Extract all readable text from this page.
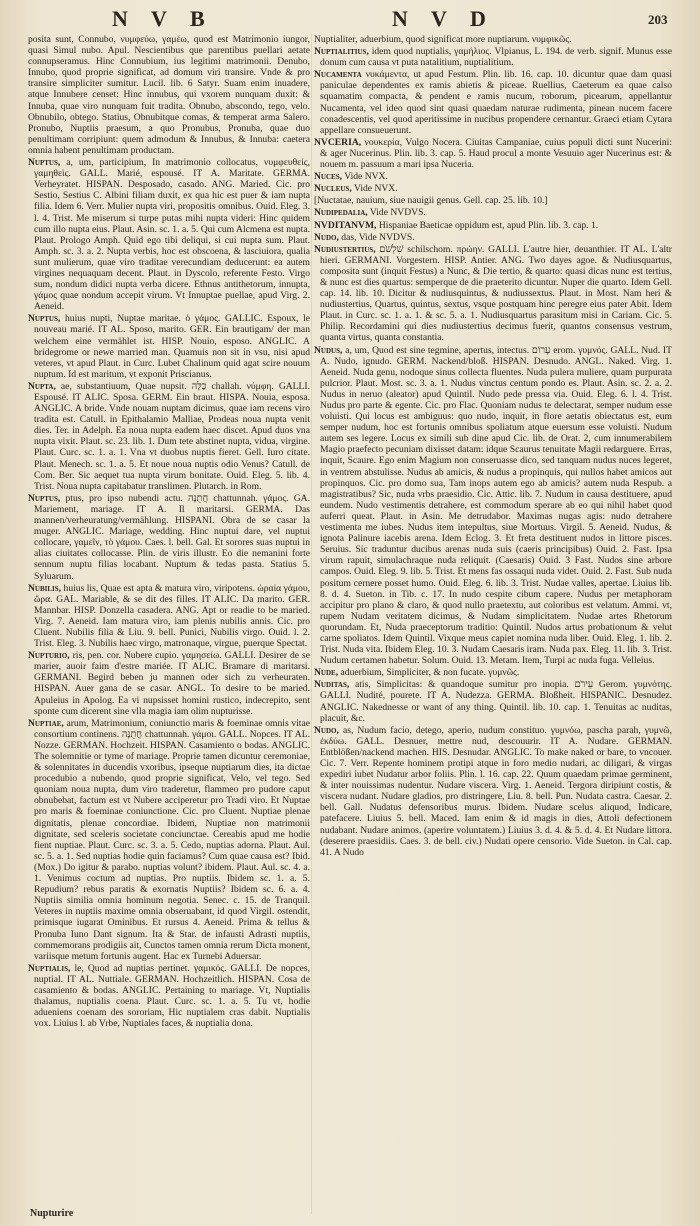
N V B	N V D	203

posita sunt, Connubo, νυμφεύω, γαμέω, quod est Matrimonio iungor, quasi Simul nubo. Apul. Nescientibus que parentibus puellari aetate connupseramus. Hinc Connubium, ius legitimi matrimonii. Denubo, Innubo, quod proprie significat, ad domum viri transire. Vnde & pro transire simpliciter sumitur. Lucil. lib. 6 Satyr. Suam enim inuadere, atque Innubere censet: Hinc innubus, qui vxorem nunquam duxit: & Innuba, quae viro nunquam fuit tradita. Obnubo, abscondo, tego, velo. Obnubilo, obtego. Statius, Obnubitque comas, & temperat arma Salero. Pronubo, Nuptiis praesum, a quo Pronubus, Pronuba, quae duo penultimam corripiunt: quem admodum & Innubus, & Innuba: caetera omnia habent penultimam productam.

Nuptus, a, um, participium, In matrimonio collocatus, νυμφευθείς, γαμηθεὶς. GALL. Marié, espousé. IT A. Maritate. GERMA. Verheyratet. HISPAN. Desposado, casado. ANG. Maried. Cic. pro Sestio, Sestius C. Albini filiam duxit, ex qua hic est puer & iam nupta filia. Idem 6. Verr. Mulier nupta viri, propositis omnibus. Ouid. Eleg. 3. l. 4. Trist. Me miserum si turpe putas mihi nupta videri: Hinc quidem cum illo nupta eius. Plaut. Asin. sc. 1. a. 5. Qui cum Alcmena est nupta. Plaut. Prologo Amph. Quid ego tibi deliqui, si cui nupta sum. Plaut. Amph. sc. 3. a. 2. Nupta verbis, hoc est obscoena, & lasciuiora, qualia sunt mulierum, quae viro traditae verecundiam deducerunt: ea autem virgines nequaquam decent. Plaut. in Dyscolo, referente Festo. Virgo sum, nondum didici nupta verba dicere. Ethnus antithetorum, innupta, γάμος quae nondum accepit virum. Vt Innuptae puellae, apud Virg. 2. Aeneid.

Nuptus, huius nupti, Nuptae maritae. ὁ γάμος. GALLIC. Espoux, le nouveau marié. IT AL. Sposo, marito. GER. Ein brautigam/ der man welchem eine vermählet ist. HISP. Nouio, esposo. ANGLIC. A bridegrome or newe married man. Quamuis non sit in vsu, nisi apud veteres, vt apud Plaut. in Curc. Lubet Chalinum quid agat scire nouum nuptum. Id est maritum, vt exponit Priscianus.

Nupta, ae, substantiuum, Quae nupsit. כַּלָּה challah. νύμφη. GALLI. Espousé. IT ALIC. Sposa. GERM. Ein braut. HISPA. Nouia, esposa. ANGLIC. A bride. Vnde nouam nuptam dicimus, quae iam recens viro tradita est. Catull. in Epithalamio Malliae, Prodeas noua nupta venit dies. Ter. in Adelph. Ea noua nupta eadem haec discet. Apud duos vna nupta vixit. Plaut. sc. 23. lib. 1. Dum tete abstinet nupta, vidua, virgine. Plaut. Curc. sc. 1. a. 1. Vna vt duobus nuptis fieret. Gell. Iuro citate. Plaut. Menech. sc. 1. a. 5. Et noue noua nuptis odio Venus? Catull. de Com. Ber. Sic aequet tua nupta virum bonitate. Ouid. Eleg. 5. lib. 4. Trist. Noua nupta capitabatur translimen. Plutarch. in Rom.

Nuptus, ptus, pro ipso nubendi actu. חֲתֻנָּה chattunnah. γάμος. GA. Mariement, mariage. IT A. Il maritarsi. GERMA. Das mannen/verheuratung/vermählung. HISPANI. Obra de se casar la muger. ANGLIC. Mariage, wedding. Hinc nuptui dare, vel nuptui collocare, γαμεῖν, τὸ γάμου. Caes. l. bell. Gal. Et sorores suas nuptui in alias ciuitates collocasse. Plin. de viris illustr. Eo die nemanini forte sennum nuptu filias locabant. Nuptum & tedas pasta. Statius 5. Syluarum.

Nubilis, huius lis, Quae est apta & matura viro, viripotens. ὡραία γάμου, ὥρα. GAL. Mariable, & se dit des filles. IT ALIC. Da marito. GER. Mannbar. HISP. Donzella casadera. ANG. Apt or readie to be maried. Virg. 7. Aeneid. Iam matura viro, iam plenis nubilis annis. Cic. pro Cluent. Nubilis filia & Liu. 9. bell. Punici, Nubilis virgo. Ouid. l. 2. Trist. Eleg. 3. Nubilis haec virgo, matronaque, virgue, puerque Spectat.

Nupturio, ris, pen. cor. Nubere cupio. γαμησείω. GALLI. Desirer de se marier, auoir faim d'estre mariée. IT ALIC. Bramare di maritarsi. GERMANI. Begird beben ju mannen oder sich zu verheuraten. HISPAN. Auer gana de se casar. ANGL. To desire to be maried. Apuleius in Apolog. Ea vi nupsisset homini rustico, indecrepito, sent sponte cum dicerent sine vlla magia iam olim nupturisse.

Nuptiae, arum, Matrimonium, coniunctio maris & foeminae omnis vitae consortium continens. חֲתֻנָּה chattunnah. γάμοι. GALL. Nopces. IT AL. Nozze. GERMAN. Hochzeit. HISPAN. Casamiento o bodas. ANGLIC. The solemnitie or tyme of mariage. Proprie tamen dicuntur ceremoniae, & solennitates in ducendis vxoribus, ipseque nuptiarum dies, ita dictae procedubio a nubendo, quod proprie significat, Velo, vel tego. Sed quoniam noua nupta, dum viro traderetur, flammeo pro pudore caput obnubebat, factum est vt Nubere acciperetur pro Tradi viro. Et Nuptae pro maris & foeminae coniunctione. Cic. pro Cluent. Nuptiae plenae dignitatis, plenae concordiae. Ibidem, Nuptiae non matrimonii dignitate, sed sceleris societate conciunctae. Cereabis apud me hodie fient nuptiae. Plaut. Curc. sc. 3. a. 5. Cedo, nuptias adorna. Plaut. Aul. sc. 5. a. 1. Sed nuptias hodie quin faciamus? Cum quae causa est? Ibid. (Mox.) Do igitur & parabo. nuptias volunt? ibidem. Plaut. Aul. sc. 4. a. 1. Venimus coctum ad nuptias. Pro nuptiis. Ibidem sc. 1. a. 5. Repudium? rebus paratis & exornatis Nuptiis? Ibidem sc. 6. a. 4. Nuptiis similia omnia hominum negotia. Senec. c. 15. de Tranquil. Veteres in nuptiis maxime omnia obseruabant, id quod Virgil. ostendit, primisque iugarat Ominibus. Et rursus 4. Aeneid. Prima & tellus & Pronuba Iuno Dant signum. Ita & Star. de infausti Adrasti nuptiis, commemorans prodigiis ait, Cunctos tamen omnia rerum Dicta monent, variisque metum fortunis augent. Hac ex Turnebi Aduersar.

Nuptialis, le, Quod ad nuptias pertinet. γαμικός. GALLI. De nopces, nuptial. IT AL. Nuttiale. GERMAN. Hochzeitlich. HISPAN. Cosa de casamiento & bodas. ANGLIC. Pertaining to mariage. Vt, Nuptialis thalamus, nuptialis coena. Plaut. Curc. sc. 1. a. 5. Tu vt, hodie adueniens coenam des sororiam, Hic nuptialem cras dabit. Nuptialis vox. Liuius l. ab Vrbe, Nuptiales faces, & nuptialia dona.

Nuptialiter, aduerbium, quod significat more nuptiarum. νυμφικῶς.

Nuptialitius, idem quod nuptialis, γαμήλιος. Vlpianus, L. 194. de verb. signif. Munus esse donum cum causa vt puta natalitium, nuptialitium.

Nucamenta νυκάμεντα, ut apud Festum. Plin. lib. 16. cap. 10. dicuntur quae dam quasi paniculae dependentes ex ramis abietis & piceae. Ruellius, Caeterum ea quae calso squamatim compacta, & pendent e ramis nucum, roborum, picearum, appellantur Nucamenta, vel ideo quod sint quasi quaedam naturae rudimenta, pinean nucem facere conadescentis, vel quod aperitissime in nucibus propendere cernantur. Graeci etiam Cytara appellare consueuerunt.

NVCERIA, νουκερία, Vulgo Nocera. Ciuitas Campaniae, cuius populi dicti sunt Nucerini: & ager Nucerinus. Plin. lib. 3. cap. 5. Haud procul a monte Vesuuio ager Nucerinus est: & nouem m. passuum a mari ipsa Nuceria.

Nuces, Vide NVX.

Nucleus, Vide NVX.

[Nuctatae, nauium, siue nauigii genus. Gell. cap. 25. lib. 10.]

Nudipedalia, Vide NVDVS.

NVDITANVM, Hispaniae Baeticae oppidum est, apud Plin. lib. 3. cap. 1.

Nudo, das, Vide NVDVS.

Nudiustertius, שִׁלְשֹׁם schilschom. πρώην. GALLI. L'autre hier, deuanthier. IT AL. L'altr hieri. GERMANI. Vorgestern. HISP. Antier. ANG. Two dayes agoe. & Nudiusquartus, composita sunt (inquit Festus) a Nunc, & Die tertio, & quarto: quasi dicas nunc est tertius, & nunc est dies quartus: semperque de die praeterito dicuntur. Nuper die quarto. Idem Gell. cap. 14. lib. 10. Dicitur & nudiusquintus, & nudiussextus. Plaut. in Most. Nam heri & nudiustertius, Quartus, quintus, sextus, vsque postquam hinc peregre eius pater Abit. Idem Plaut. in Curc. sc. 1. a. 1. & sc. 5. a. 1. Nudiusquartus parasitum misi in Cariam. Cic. 5. Philip. Recordamini qui dies nudiustertius decimus fuerit, quantos consensus vestrum, quanta virtus, quanta constantia.

Nudus, a, um, Quod est sine tegmine, apertus, intectus. עָרוֹם erom. γυμνός. GALL. Nud. IT A. Nudo, ignudo. GERM. Nackend/bloß. HISPAN. Desnudo. ANGL. Naked. Virg. 1. Aeneid. Nuda genu, nodoque sinus collecta fluentes. Nuda pulera muliere, quam purpurata pulcrior. Plaut. Most. sc. 3. a. 1. Nudus vinctus centum pondo es. Plaut. Asin. sc. 2. a. 2. Nudus in neruo (aleator) apud Quintil. Nudo pede pressa via. Ouid. Eleg. 6. l. 4. Trist. Nudus pro parte & egente. Cic. pro Flac. Quoniam nudus te delectarat, semper nudum esse voluisti. Qui locus est ambiguus: quo nudo, inquit, in flore aetatis obiectatus est, eum semper nudum, hoc est fortunis omnibus spoliatum atque euersum esse voluisti. Nudum autem ses legere. Locus ex simili sub dine apud Cic. lib. de Orat. 2, cum innumerabilem Magio praefecto pecuniam dixisset datam: idque Scaurus tenuitate Magii redarguere. Erras, inquit, Scaure. Ego enim Magium non conseruasse dico, sed tanquam nudus nuces legeret, in ventrem abstulisse. Nudus ab amicis, & nudus a propinquis, qui nullos habet amicos aut propinquos. Cic. pro domo sua, Tam inops autem ego ab amicis? autem nuda Respub. a magistratibus? Sic, nuda vrbs praesidio. Cic. Attic. lib. 7. Nudum in causa destituere, apud eundem. Nudo vestimentis detrahere, est commodum sperare ab eo qui nihil habet quod auferri queat. Plaut. in Asin. Me detrudabor. Maximas nugas agis: nudo detrahere vestimenta me iubes. Nudus item intepultus, siue Mortuus. Virgil. 5. Aeneid. Nudus, & ignota Palinure iacebis arena. Idem Eclog. 3. Et freta destituent nudos in littore pisces. Seruius. Sic traduntur ducibus arenas nuda suis (caeris principibus) Ouid. 2. Fast. Ipsa virum rapuit, simulachraque nuda reliquit. (Caesaris) Ouid. 3 Fast. Nudos sine arbore campos. Ouid. Eleg. 9. lib. 5. Trist. Et mens fas ossaqui nuda videt. Ouid. 2. Fast. Sub nuda positum cernere posset humo. Ouid. Eleg. 6. lib. 3. Trist. Nudae valles, apertae. Liuius lib. 8. d. 4. Sueton. in Tib. c. 17. In nudo cespite cibum capere. Nudus per metaphoram accipitur pro plano & claro, & quod nullo praetextu, aut coloribus est velatum. Ammi. vt, rupem Nudam veritatem dicimus, & Nudam simplicitatem. Nudae artes Rhetorum quorundam. Et, Nuda praeceptorum traditio: Quintil. Nudos artus probationum & velut carne spoliatos. Idem Quintil. Vixque meus capiet nomina nuda liber. Ouid. Eleg. 1. lib. 2. Trist. Nuda vita. Ibidem Eleg. 10. 3. Nudam Caesaris iram. Nuda pax. Eleg. 11. lib. 3. Trist. Nudum certamen habetur. Solum. Ouid. 13. Metam. Item, Turpi ac nuda fuga. Velleius.

Nude, aduerbium, Simpliciter, & non fucate. γυμνῶς.

Nuditas, atis, Simplicitas: & quandoque sumitur pro inopia. עֵירֹם Gerom. γυμνότης. GALLI. Nudité, pourete. IT A. Nudezza. GERMA. Bloßheit. HISPANIC. Desnudez. ANGLIC. Nakednesse or want of any thing. Quintil. lib. 10. cap. 1. Tenuitas ac nuditas, placuit, &c.

Nudo, as, Nudum facio, detego, aperio, nudum constituo. γυμνόω, pascha parah, γυμνῶ, ἐκδύω. GALL. Desnuer, mettre nud, descouurir. IT A. Nudare. GERMAN. Entblößen/nackend machen. HIS. Desnudar. ANGLIC. To make naked or bare, to vncouer. Cic. 7. Verr. Repente hominem protipi atque in foro medio nudari, ac diligari, & virgas expediri iubet Nudatur arbor foliis. Plin. l. 16. cap. 22. Quum quaedam primae germinent, & inter nouissimas nudentur. Nudare viscera. Virg. 1. Aeneid. Tergora diripiunt costis, & viscera nudant. Nudare gladios, pro distringere, Liu. 8. bell. Pun. Nudata castra. Caesar. 2. bell. Gall. Nudatus defensoribus murus. Ibidem. Nudare scelus aliquod, Indicare, patefacere. Liuius 5. bell. Maced. Iam enim & id magis in dies, Attoli defectionem nudabant. Nudare animos. (aperire voluntatem.) Liuius 3. d. 4. & 5. d. 4. Et Nudare littora. (deserere praesidiis. Caes. 3. de bell. civ.) Nudati opere censorio. Vide Sueton. in Cal. cap. 41. A Nudo

Nupturire
